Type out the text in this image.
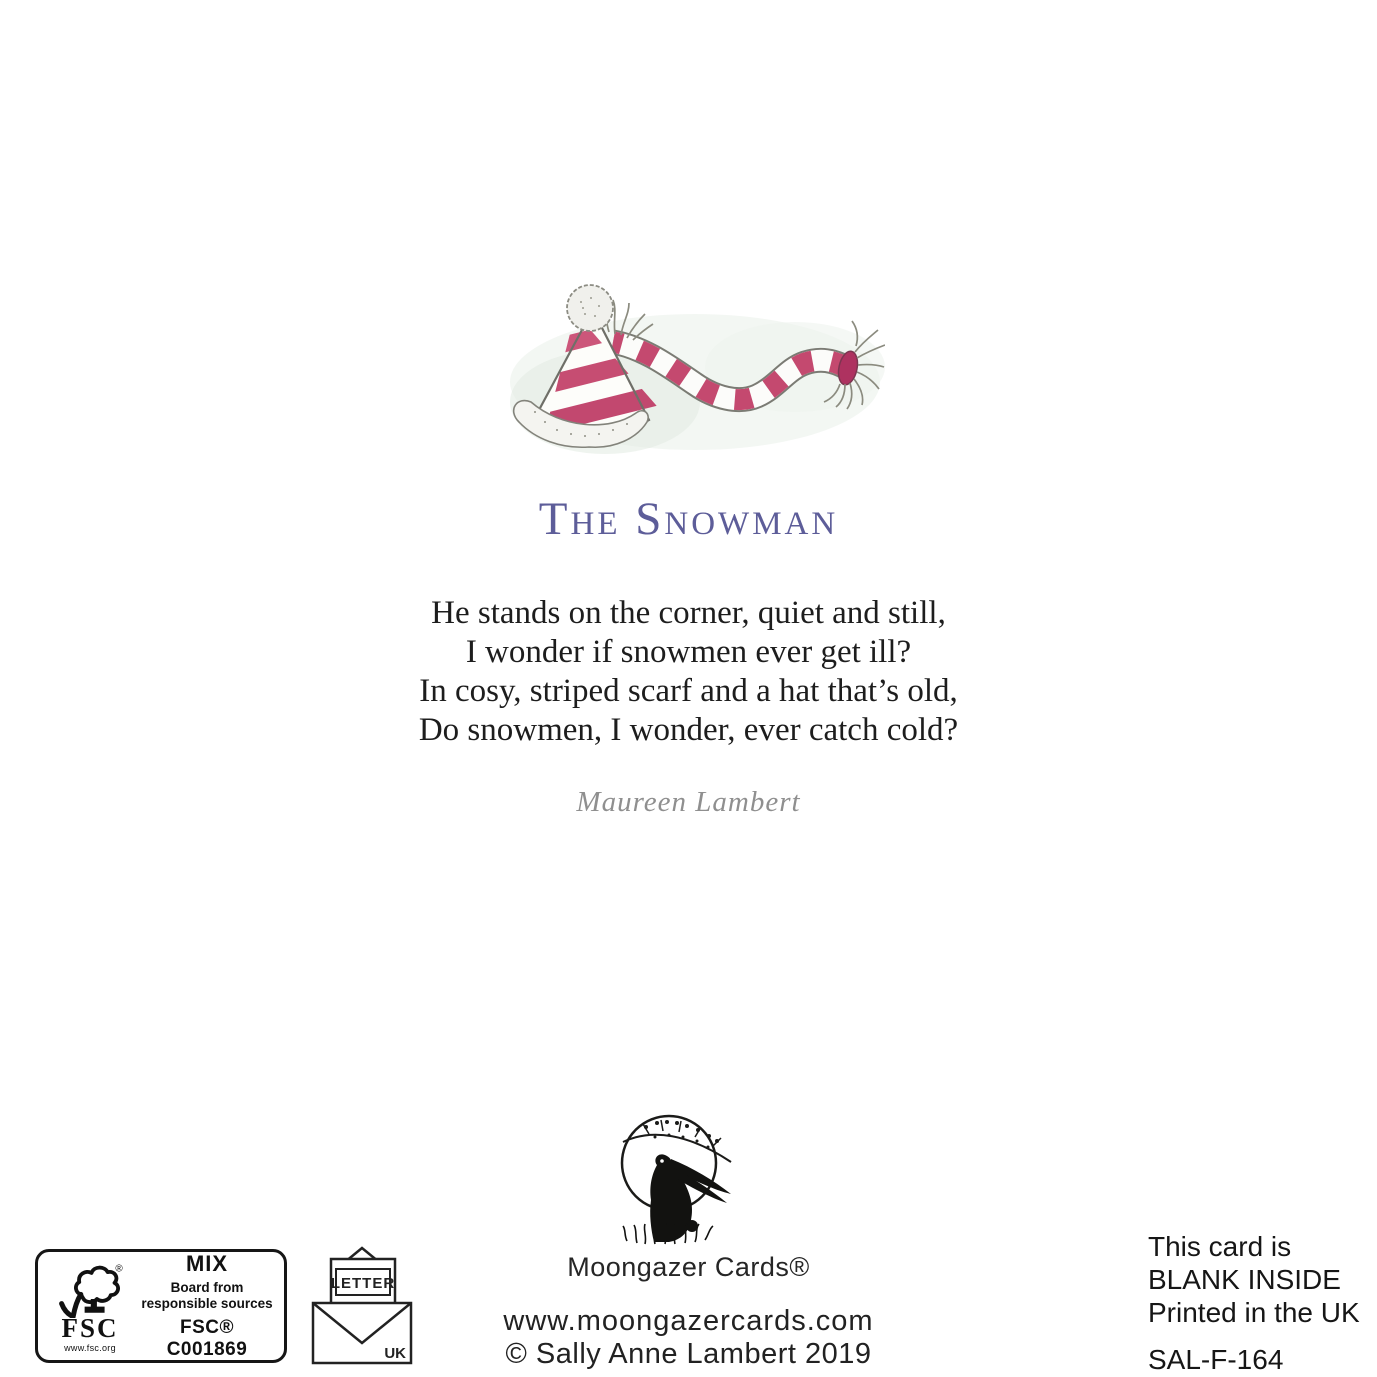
The Snowman
He stands on the corner, quiet and still,
I wonder if snowmen ever get ill?
In cosy, striped scarf and a hat that’s old,
Do snowmen, I wonder, ever catch cold?
Maureen Lambert
Moongazer Cards®
www.moongazercards.com
© Sally Anne Lambert 2019
®
FSC
www.fsc.org
MIX
Board from
responsible sources
FSC® C001869
LETTER
UK
This card is
BLANK INSIDE
Printed in the UK
SAL-F-164
